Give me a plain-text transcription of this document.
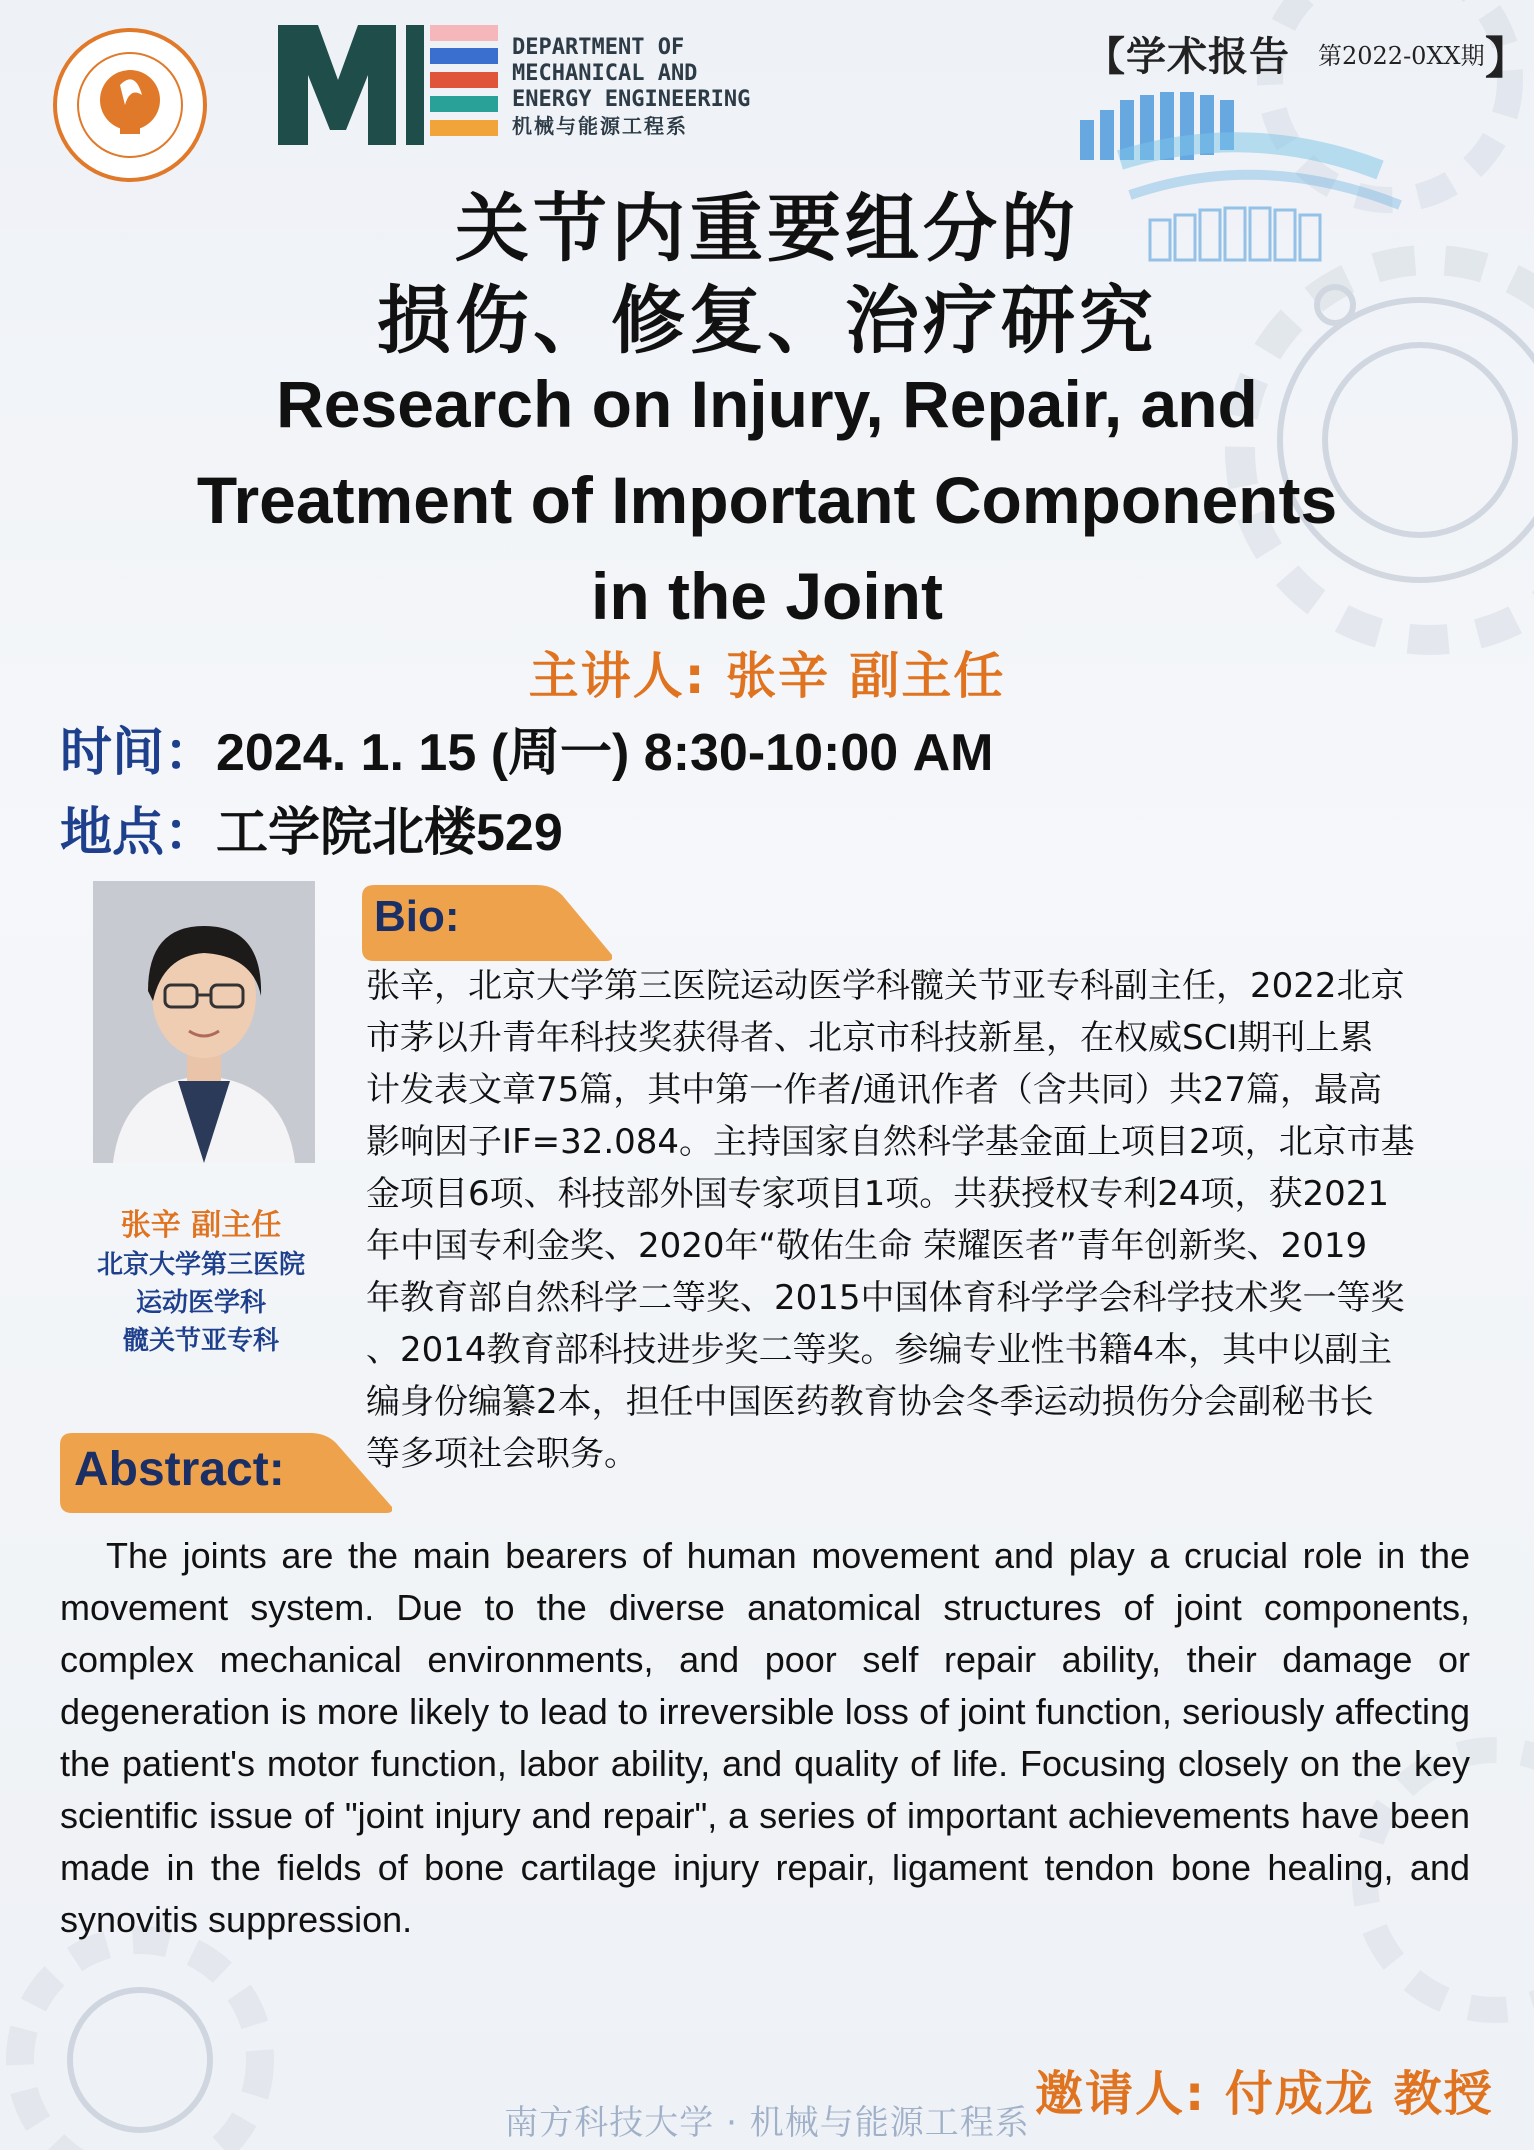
DEPARTMENT OF
MECHANICAL AND
ENERGY ENGINEERING
机械与能源工程系
【学术报告 第2022-0XX期 】
关节内重要组分的
损伤、修复、治疗研究
Research on Injury, Repair, and
Treatment of Important Components
in the Joint
主讲人: 张辛 副主任
时间：2024. 1. 15 (周一) 8:30-10:00 AM
地点：工学院北楼529
张辛 副主任
北京大学第三医院
运动医学科
髋关节亚专科
Bio:
张辛，北京大学第三医院运动医学科髋关节亚专科副主任，2022北京
市茅以升青年科技奖获得者、北京市科技新星，在权威SCI期刊上累
计发表文章75篇，其中第一作者/通讯作者（含共同）共27篇，最高
影响因子IF=32.084。主持国家自然科学基金面上项目2项，北京市基
金项目6项、科技部外国专家项目1项。共获授权专利24项，获2021
年中国专利金奖、2020年“敬佑生命 荣耀医者”青年创新奖、2019
年教育部自然科学二等奖、2015中国体育科学学会科学技术奖一等奖
、2014教育部科技进步奖二等奖。参编专业性书籍4本，其中以副主
编身份编纂2本，担任中国医药教育协会冬季运动损伤分会副秘书长
等多项社会职务。
Abstract:
The joints are the main bearers of human movement and play a crucial role in the movement system. Due to the diverse anatomical structures of joint components, complex mechanical environments, and poor self repair ability, their damage or degeneration is more likely to lead to irreversible loss of joint function, seriously affecting the patient's motor function, labor ability, and quality of life. Focusing closely on the key scientific issue of "joint injury and repair", a series of important achievements have been made in the fields of bone cartilage injury repair, ligament tendon bone healing, and synovitis suppression.
邀请人: 付成龙 教授
南方科技大学 · 机械与能源工程系
